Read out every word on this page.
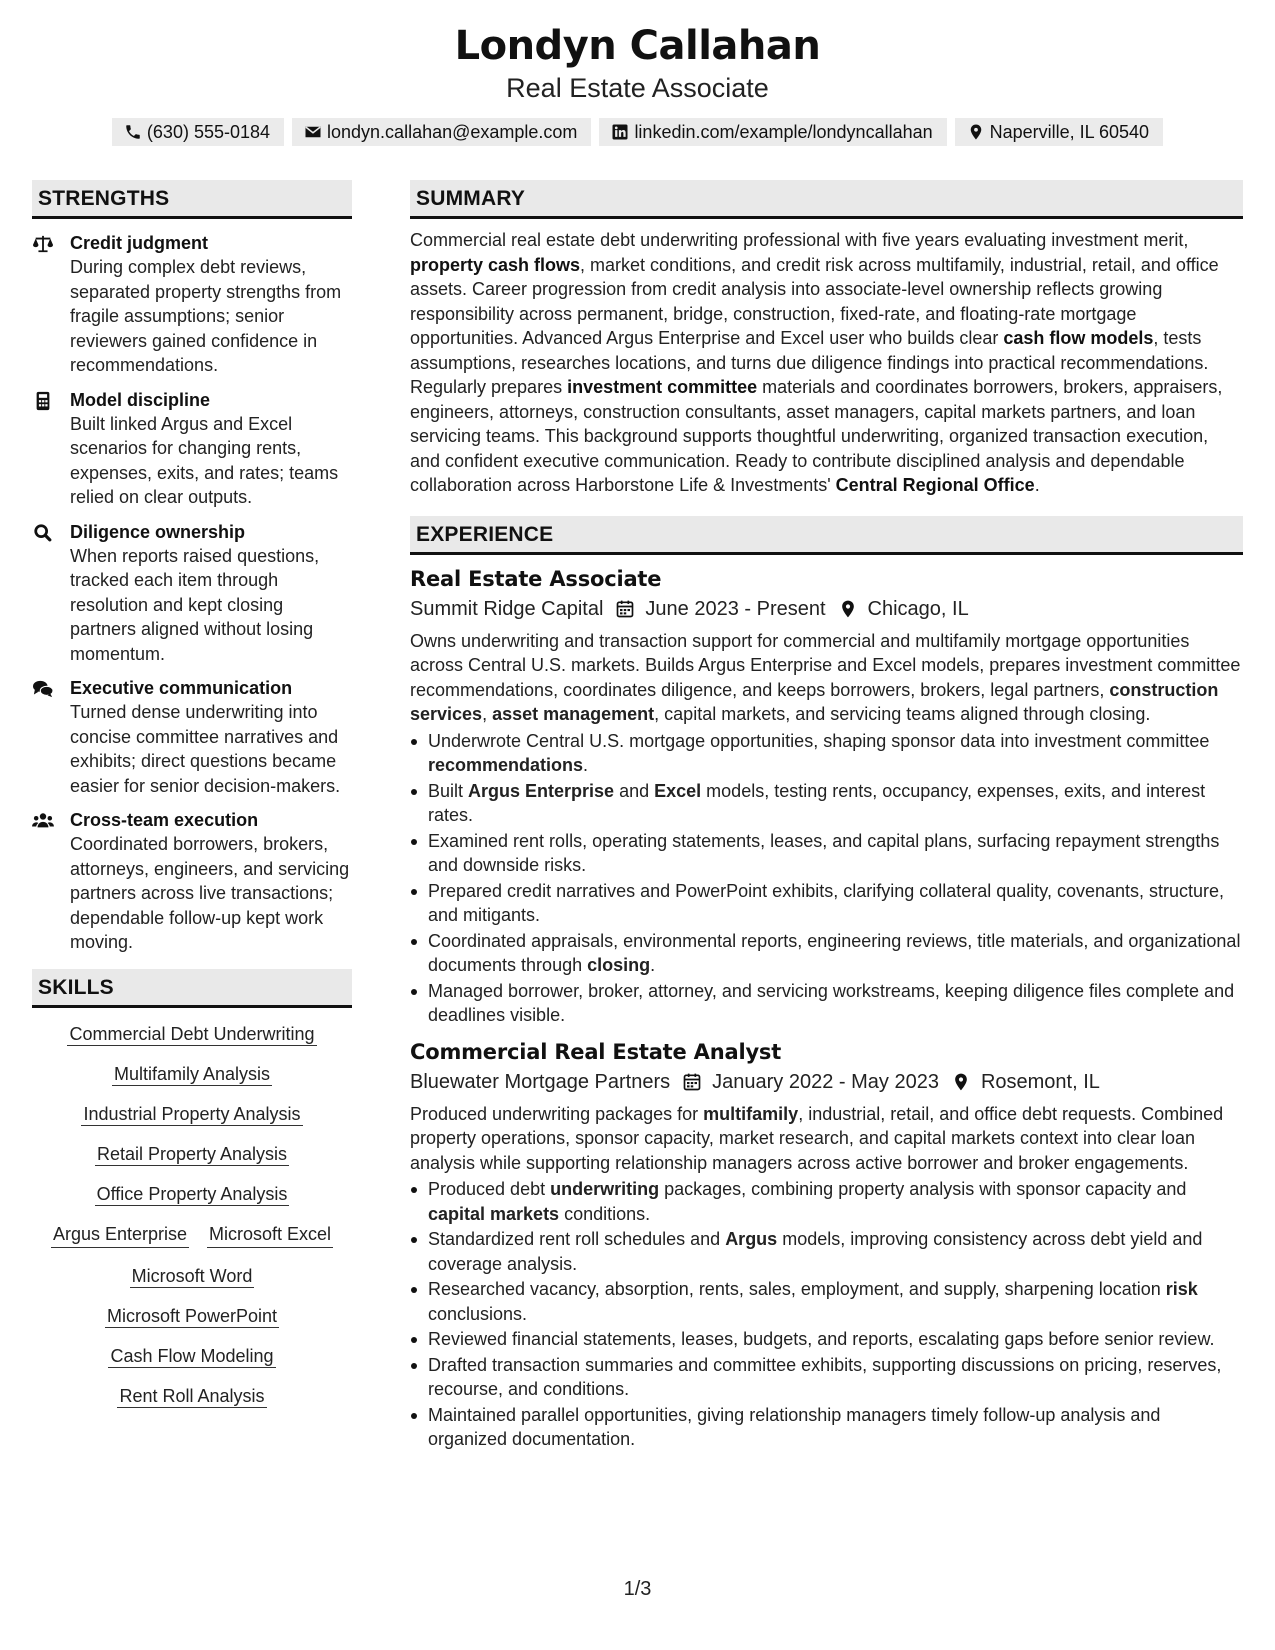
Londyn Callahan
Real Estate Associate
(630) 555-0184	londyn.callahan@example.com	linkedin.com/example/londyncallahan	Naperville, IL 60540
STRENGTHS
Credit judgment
During complex debt reviews, separated property strengths from fragile assumptions; senior reviewers gained confidence in recommendations.
Model discipline
Built linked Argus and Excel scenarios for changing rents, expenses, exits, and rates; teams relied on clear outputs.
Diligence ownership
When reports raised questions, tracked each item through resolution and kept closing partners aligned without losing momentum.
Executive communication
Turned dense underwriting into concise committee narratives and exhibits; direct questions became easier for senior decision-makers.
Cross-team execution
Coordinated borrowers, brokers, attorneys, engineers, and servicing partners across live transactions; dependable follow-up kept work moving.
SKILLS
Commercial Debt Underwriting
Multifamily Analysis
Industrial Property Analysis
Retail Property Analysis
Office Property Analysis
Argus Enterprise Microsoft Excel
Microsoft Word
Microsoft PowerPoint
Cash Flow Modeling
Rent Roll Analysis
SUMMARY
Commercial real estate debt underwriting professional with five years evaluating investment merit, property cash flows, market conditions, and credit risk across multifamily, industrial, retail, and office assets. Career progression from credit analysis into associate-level ownership reflects growing responsibility across permanent, bridge, construction, fixed-rate, and floating-rate mortgage opportunities. Advanced Argus Enterprise and Excel user who builds clear cash flow models, tests assumptions, researches locations, and turns due diligence findings into practical recommendations. Regularly prepares investment committee materials and coordinates borrowers, brokers, appraisers, engineers, attorneys, construction consultants, asset managers, capital markets partners, and loan servicing teams. This background supports thoughtful underwriting, organized transaction execution, and confident executive communication. Ready to contribute disciplined analysis and dependable collaboration across Harborstone Life & Investments' Central Regional Office.
EXPERIENCE
Real Estate Associate
Summit Ridge Capital June 2023 - Present Chicago, IL
Owns underwriting and transaction support for commercial and multifamily mortgage opportunities across Central U.S. markets. Builds Argus Enterprise and Excel models, prepares investment committee recommendations, coordinates diligence, and keeps borrowers, brokers, legal partners, construction services, asset management, capital markets, and servicing teams aligned through closing.
Underwrote Central U.S. mortgage opportunities, shaping sponsor data into investment committee recommendations.
Built Argus Enterprise and Excel models, testing rents, occupancy, expenses, exits, and interest rates.
Examined rent rolls, operating statements, leases, and capital plans, surfacing repayment strengths and downside risks.
Prepared credit narratives and PowerPoint exhibits, clarifying collateral quality, covenants, structure, and mitigants.
Coordinated appraisals, environmental reports, engineering reviews, title materials, and organizational documents through closing.
Managed borrower, broker, attorney, and servicing workstreams, keeping diligence files complete and deadlines visible.
Commercial Real Estate Analyst
Bluewater Mortgage Partners January 2022 - May 2023 Rosemont, IL
Produced underwriting packages for multifamily, industrial, retail, and office debt requests. Combined property operations, sponsor capacity, market research, and capital markets context into clear loan analysis while supporting relationship managers across active borrower and broker engagements.
Produced debt underwriting packages, combining property analysis with sponsor capacity and capital markets conditions.
Standardized rent roll schedules and Argus models, improving consistency across debt yield and coverage analysis.
Researched vacancy, absorption, rents, sales, employment, and supply, sharpening location risk conclusions.
Reviewed financial statements, leases, budgets, and reports, escalating gaps before senior review.
Drafted transaction summaries and committee exhibits, supporting discussions on pricing, reserves, recourse, and conditions.
Maintained parallel opportunities, giving relationship managers timely follow-up analysis and organized documentation.
1/3
